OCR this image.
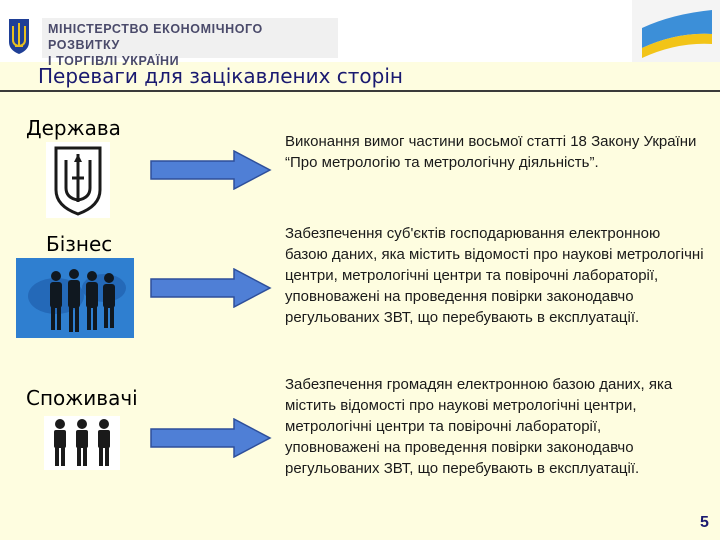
МІНІСТЕРСТВО ЕКОНОМІЧНОГО РОЗВИТКУ
І ТОРГІВЛІ УКРАЇНИ
Переваги для зацікавлених сторін
Держава
Виконання вимог частини восьмої статті 18 Закону України “Про метрологію та метрологічну діяльність”.
Бізнес	Забезпечення суб'єктів господарювання електронною базою даних, яка містить відомості про наукові метрологічні центри, метрологічні центри та повірочні лабораторії, уповноважені на проведення повірки законодавчо регульованих ЗВТ, що перебувають в експлуатації.
Споживачі
Забезпечення громадян електронною базою даних, яка містить відомості про наукові метрологічні центри, метрологічні центри та повірочні лабораторії, уповноважені на проведення повірки законодавчо регульованих ЗВТ, що перебувають в експлуатації.
5
